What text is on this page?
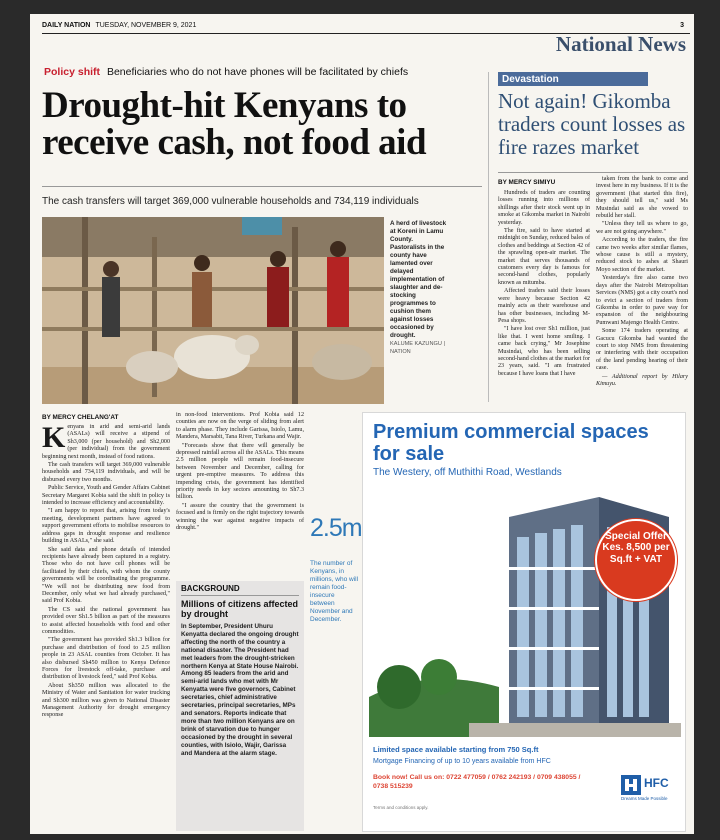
DAILY NATION TUESDAY, NOVEMBER 9, 2021	3
National News
Policy shift Beneficiaries who do not have phones will be facilitated by chiefs
Drought-hit Kenyans to receive cash, not food aid
The cash transfers will target 369,000 vulnerable households and 734,119 individuals
A herd of livestock at Koreni in Lamu County. Pastoralists in the county have lamented over delayed implementation of slaughter and de-stocking programmes to cushion them against losses occasioned by drought.
KALUME KAZUNGU | NATION
Devastation
Not again! Gikomba traders count losses as fire razes market
BY MERCY SIMIYU

Hundreds of traders are counting losses running into millions of shillings after their stock went up in smoke at Gikomba market in Nairobi yesterday.

The fire, said to have started at midnight on Sunday, reduced bales of clothes and beddings at Section 42 of the sprawling open-air market. The market that serves thousands of customers every day is famous for second-hand clothes, popularly known as mitumba.

Affected traders said their losses were heavy because Section 42 mainly acts as their warehouse and has other businesses, including M-Pesa shops.

"I have lost over Sh1 million, just like that. I went home smiling. I came back crying," Mr Josephine Musindai, who has been selling second-hand clothes at the market for 23 years, said. "I am frustrated because I have loans that I have

taken from the bank to come and invest here in my business. If it is the government (that started this fire), they should tell us," said Ms Musindai said as she vowed to rebuild her stall.

"Unless they tell us where to go, we are not going anywhere."

According to the traders, the fire came two weeks after similar flames, whose cause is still a mystery, reduced stock to ashes at Shauri Moyo section of the market.

Yesterday's fire also came two days after the Nairobi Metropolitan Services (NMS) got a city court's nod to evict a section of traders from Gikomba in order to pave way for expansion of the neighbouring Pumwani Majengo Health Centre.

Some 174 traders operating at Gacucu Gikomba had wanted the court to stop NMS from threatening or interfering with their occupation of the land pending hearing of their case.

— Additional report by Hilary Kimuyu.

BY MERCY CHELANG'AT

Kenyans in arid and semi-arid lands (ASALs) will receive a stipend of Sh3,000 (per household) and Sh2,000 (per individual) from the government beginning next month, instead of food rations.

The cash transfers will target 369,000 vulnerable households and 734,119 individuals, and will be disbursed every two months.

Public Service, Youth and Gender Affairs Cabinet Secretary Margaret Kobia said the shift in policy is intended to increase efficiency and accountability.

"I am happy to report that, arising from today's meeting, development partners have agreed to support government efforts to mobilise resources to address gaps in drought response and resilience building in ASALs," she said.

She said data and phone details of intended recipients have already been captured in a registry. Those who do not have cell phones will be facilitated by their chiefs, with whom the county governments will be coordinating the programme. "We will not be distributing new food from December, only what we had already purchased," said Prof Kobia.

The CS said the national government has provided over Sh1.5 billion as part of the measures to assist affected households with food and other commodities.

"The government has provided Sh1.3 billion for purchase and distribution of food to 2.5 million people in 23 ASAL counties from October. It has also disbursed Sh450 million to Kenya Defence Forces for livestock off-take, purchase and distribution of livestock feed," said Prof Kobia.

About Sh350 million was allocated to the Ministry of Water and Sanitation for water trucking and Sh300 million was given to National Disaster Management Authority for drought emergency response

in non-food interventions. Prof Kobia said 12 counties are now on the verge of sliding from alert to alarm phase. They include Garissa, Isiolo, Lamu, Mandera, Marsabit, Tana River, Turkana and Wajir.

"Forecasts show that there will generally be depressed rainfall across all the ASALs. This means 2.5 million people will remain food-insecure between November and December, calling for urgent pre-emptive measures. To address this impending crisis, the government has identified priority needs in key sectors amounting to Sh7.3 billion.

"I assure the country that the government is focused and is firmly on the right trajectory towards winning the war against negative impacts of drought."	2.5m
The number of Kenyans, in millions, who will remain food-insecure between November and December.
BACKGROUND
Millions of citizens affected by drought
In September, President Uhuru Kenyatta declared the ongoing drought affecting the north of the country a national disaster. The President had met leaders from the drought-stricken northern Kenya at State House Nairobi. Among 85 leaders from the arid and semi-arid lands who met with Mr Kenyatta were five governors, Cabinet secretaries, chief administrative secretaries, principal secretaries, MPs and senators. Reports indicate that more than two million Kenyans are on brink of starvation due to hunger occasioned by the drought in several counties, with Isiolo, Wajir, Garissa and Mandera at the alarm stage.
Premium commercial spaces for sale
The Westery, off Muthithi Road, Westlands
Special Offer
Kes. 8,500 per Sq.ft + VAT
Limited space available starting from 750 Sq.ft
Mortgage Financing of up to 10 years available from HFC
Book now! Call us on: 0722 477059 / 0762 242193 / 0709 438055 / 0738 515239
Terms and conditions apply.
HFC
Dreams Made Possible
